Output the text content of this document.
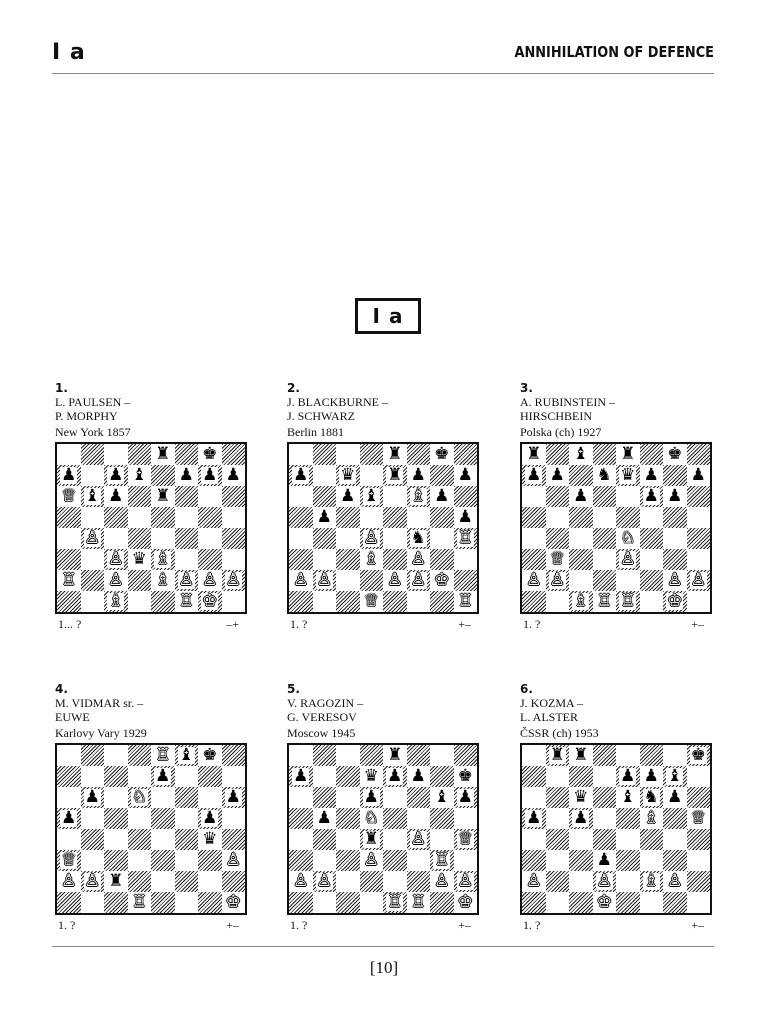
I a	ANNIHILATION OF DEFENCE
I a
1.
L. PAULSEN –
P. MORPHY
New York 1857
♜ ♚
♟ ♟ ♝ ♟ ♟ ♟
♕ ♝ ♟ ♜
♙
♙ ♛ ♗
♖ ♙ ♗ ♙ ♙ ♙
♗	♖ ♔
1... ?	–+
2.
J. BLACKBURNE –
J. SCHWARZ
Berlin 1881
♜ ♚
♟ ♛ ♜ ♟ ♟
♟ ♝ ♗ ♟
♟	♟
♙ ♞ ♖
♗ ♙
♙ ♙	♙ ♙ ♔
♕	♖
1. ?	+–
3.
A. RUBINSTEIN –
HIRSCHBEIN
Polska (ch) 1927
♜ ♝ ♜ ♚
♟ ♟ ♞ ♛ ♟ ♟
♟	♟ ♟
♘
♕	♙
♙ ♙	♙ ♙
♗ ♖ ♖ ♔
1. ?	+–
4.
M. VIDMAR sr. –
EUWE
Karlovy Vary 1929
♖ ♝ ♚
♟
♟ ♘	♟
♟	♟
♛
♕	♙
♙ ♙ ♜
♖	♔
1. ?	+–
5.
V. RAGOZIN –
G. VERESOV
Moscow 1945
♜
♟	♛ ♟ ♟ ♚
♟	♝ ♟
♟ ♘
♜ ♙ ♕
♙	♖
♙ ♙	♙ ♙
♖ ♖ ♔
1. ?	+–
6.
J. KOZMA –
L. ALSTER
ČSSR (ch) 1953
♜ ♜	♚
♟ ♟ ♝
♛ ♝ ♞ ♟
♟ ♟	♗ ♕
♟
♙	♙ ♗ ♙
♔
1. ?	+–
[10]
